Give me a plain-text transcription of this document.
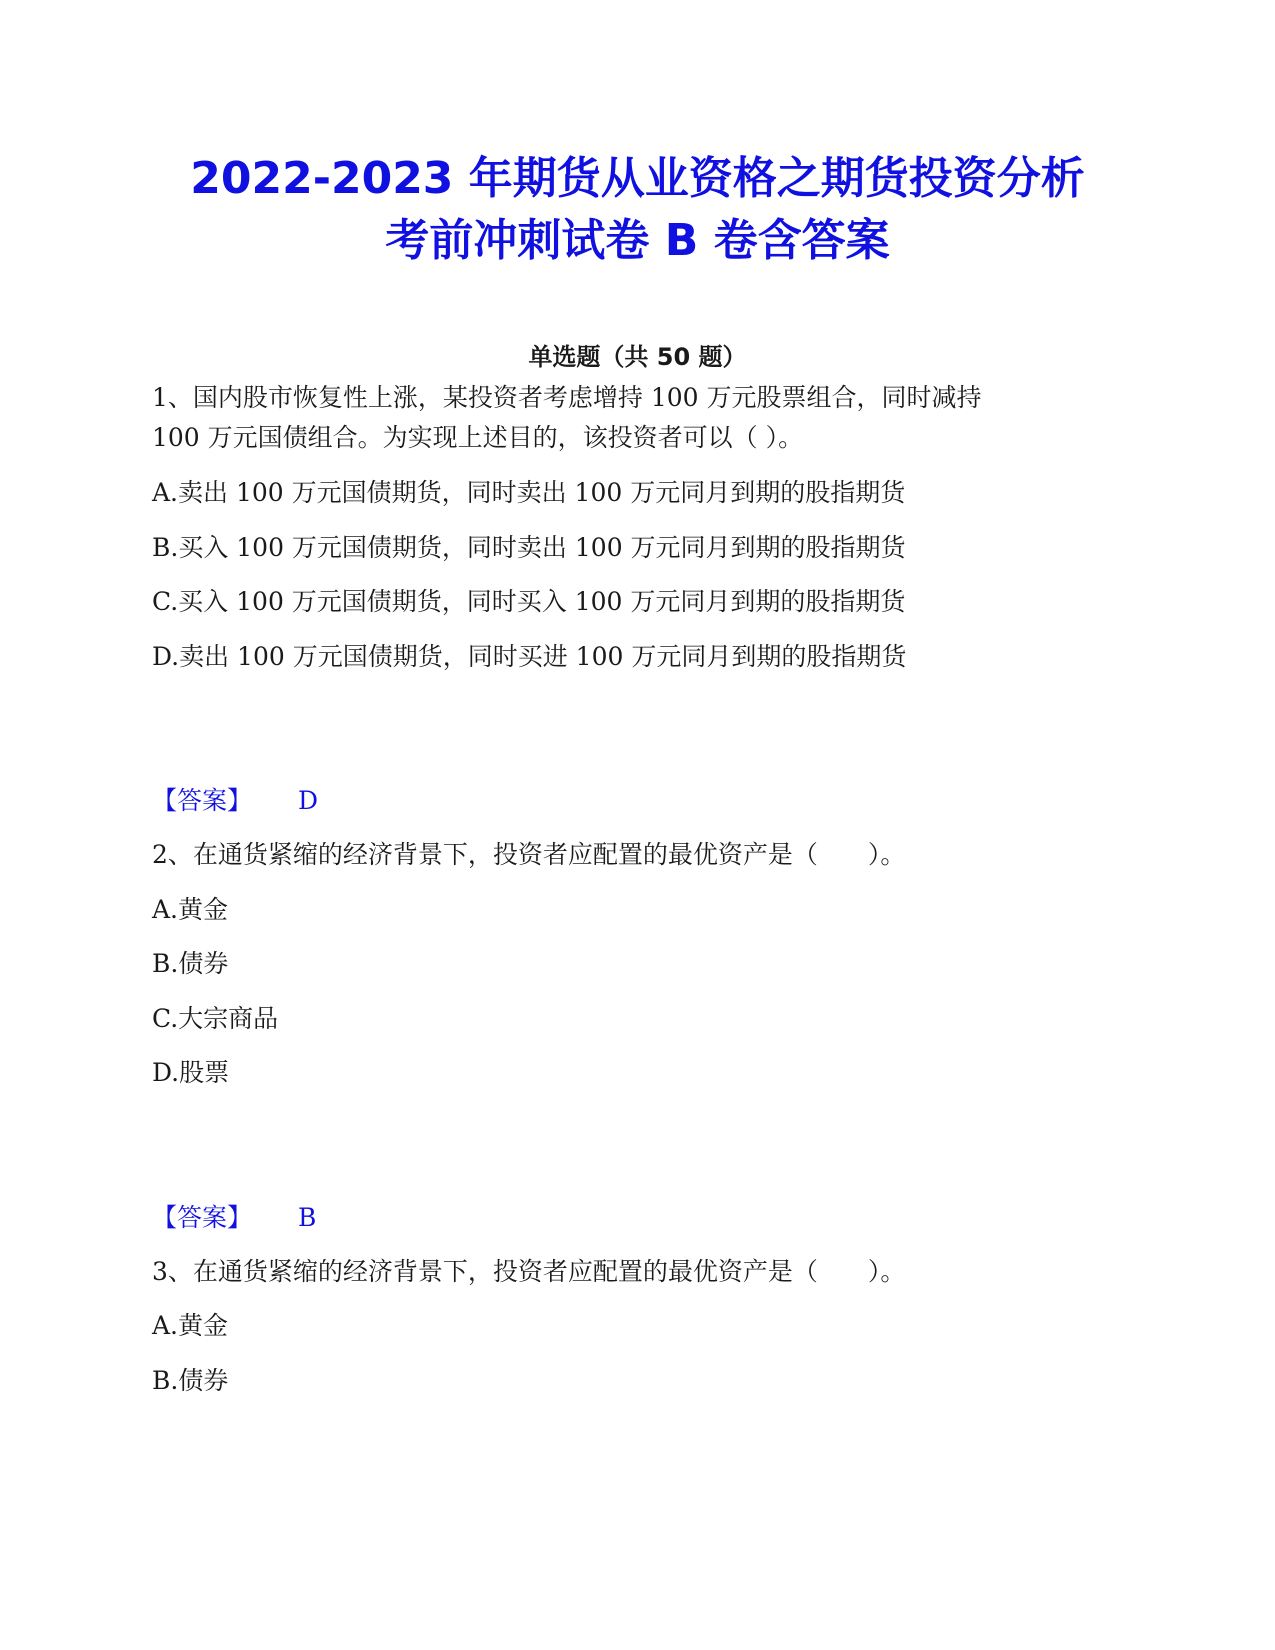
2022-2023 年期货从业资格之期货投资分析
考前冲刺试卷 B 卷含答案
单选题（共 50 题）
1、国内股市恢复性上涨，某投资者考虑增持 100 万元股票组合，同时减持
100 万元国债组合。为实现上述目的，该投资者可以（ ）。
A.卖出 100 万元国债期货，同时卖出 100 万元同月到期的股指期货
B.买入 100 万元国债期货，同时卖出 100 万元同月到期的股指期货
C.买入 100 万元国债期货，同时买入 100 万元同月到期的股指期货
D.卖出 100 万元国债期货，同时买进 100 万元同月到期的股指期货
【答案】 D
2、在通货紧缩的经济背景下，投资者应配置的最优资产是（　　）。
A.黄金
B.债券
C.大宗商品
D.股票
【答案】 B
3、在通货紧缩的经济背景下，投资者应配置的最优资产是（　　）。
A.黄金
B.债券
